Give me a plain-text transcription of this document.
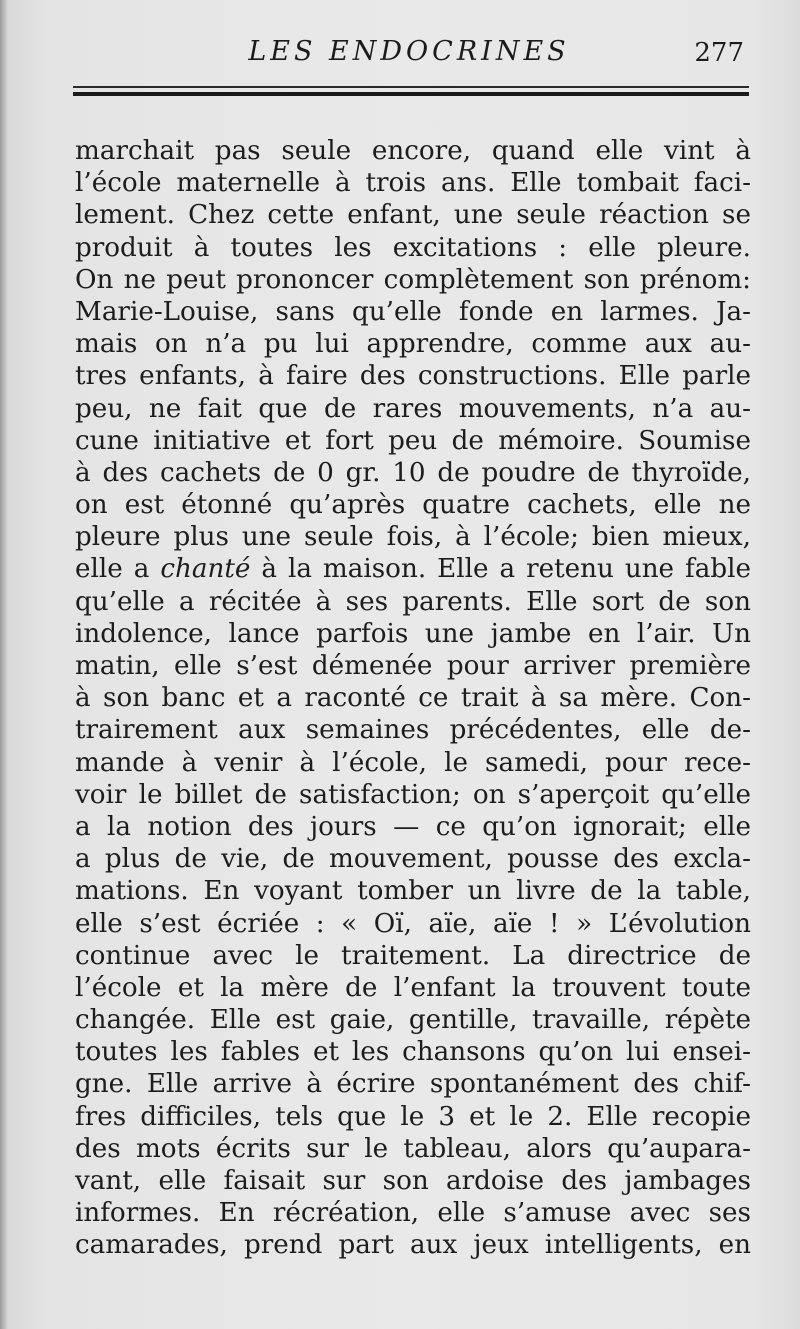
LES ENDOCRINES	277
marchait pas seule encore, quand elle vint à
l’école maternelle à trois ans. Elle tombait faci-
lement. Chez cette enfant, une seule réaction se
produit à toutes les excitations : elle pleure.
On ne peut prononcer complètement son prénom:
Marie-Louise, sans qu’elle fonde en larmes. Ja-
mais on n’a pu lui apprendre, comme aux au-
tres enfants, à faire des constructions. Elle parle
peu, ne fait que de rares mouvements, n’a au-
cune initiative et fort peu de mémoire. Soumise
à des cachets de 0 gr. 10 de poudre de thyroïde,
on est étonné qu’après quatre cachets, elle ne
pleure plus une seule fois, à l’école; bien mieux,
elle a chanté à la maison. Elle a retenu une fable
qu’elle a récitée à ses parents. Elle sort de son
indolence, lance parfois une jambe en l’air. Un
matin, elle s’est démenée pour arriver première
à son banc et a raconté ce trait à sa mère. Con-
trairement aux semaines précédentes, elle de-
mande à venir à l’école, le samedi, pour rece-
voir le billet de satisfaction; on s’aperçoit qu’elle
a la notion des jours — ce qu’on ignorait; elle
a plus de vie, de mouvement, pousse des excla-
mations. En voyant tomber un livre de la table,
elle s’est écriée : « Oï, aïe, aïe ! » L’évolution
continue avec le traitement. La directrice de
l’école et la mère de l’enfant la trouvent toute
changée. Elle est gaie, gentille, travaille, répète
toutes les fables et les chansons qu’on lui ensei-
gne. Elle arrive à écrire spontanément des chif-
fres difficiles, tels que le 3 et le 2. Elle recopie
des mots écrits sur le tableau, alors qu’aupara-
vant, elle faisait sur son ardoise des jambages
informes. En récréation, elle s’amuse avec ses
camarades, prend part aux jeux intelligents, en
